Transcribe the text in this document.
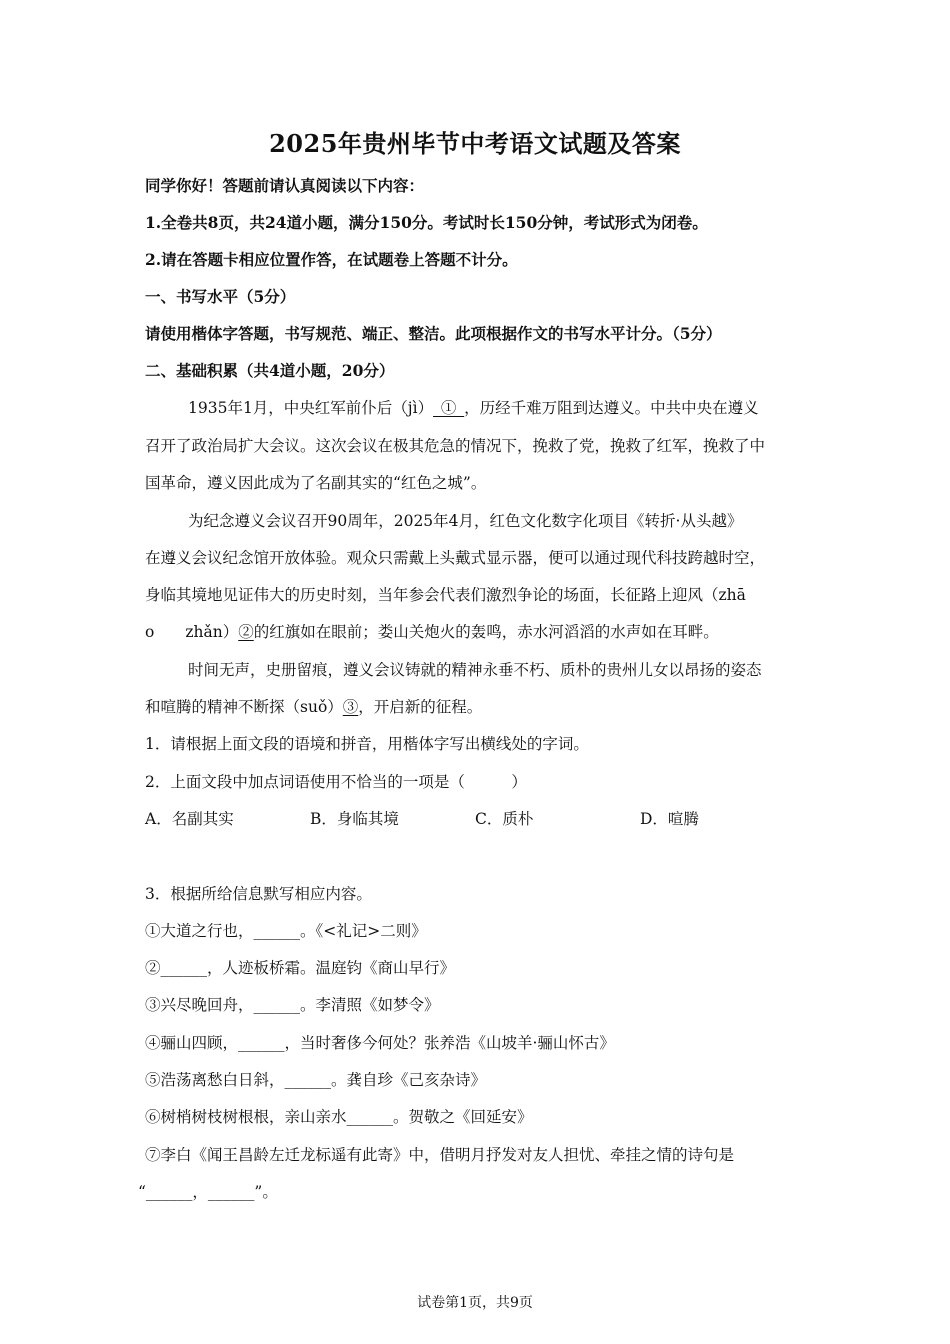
2025年贵州毕节中考语文试题及答案
同学你好！答题前请认真阅读以下内容：
1.全卷共8页，共24道小题，满分150分。考试时长150分钟，考试形式为闭卷。
2.请在答题卡相应位置作答，在试题卷上答题不计分。
一、书写水平（5分）
请使用楷体字答题，书写规范、端正、整洁。此项根据作文的书写水平计分。（5分）
二、基础积累（共4道小题，20分）
1935年1月，中央红军前仆后（jì）_①_，历经千难万阻到达遵义。中共中央在遵义
召开了政治局扩大会议。这次会议在极其危急的情况下，挽救了党，挽救了红军，挽救了中
国革命，遵义因此成为了名副其实的“红色之城”。
为纪念遵义会议召开90周年，2025年4月，红色文化数字化项目《转折·从头越》
在遵义会议纪念馆开放体验。观众只需戴上头戴式显示器，便可以通过现代科技跨越时空，
身临其境地见证伟大的历史时刻，当年参会代表们激烈争论的场面，长征路上迎风（zhā
o　　zhǎn）②的红旗如在眼前；娄山关炮火的轰鸣，赤水河滔滔的水声如在耳畔。
时间无声，史册留痕，遵义会议铸就的精神永垂不朽、质朴的贵州儿女以昂扬的姿态
和喧腾的精神不断探（suǒ）③，开启新的征程。
1．请根据上面文段的语境和拼音，用楷体字写出横线处的字词。
2．上面文段中加点词语使用不恰当的一项是（　　　）
A．名副其实	B．身临其境	C．质朴	D．喧腾
3．根据所给信息默写相应内容。
①大道之行也，______。《<礼记>二则》
②______，人迹板桥霜。温庭钧《商山早行》
③兴尽晚回舟，______。李清照《如梦令》
④骊山四顾，______，当时奢侈今何处？张养浩《山坡羊·骊山怀古》
⑤浩荡离愁白日斜，______。龚自珍《己亥杂诗》
⑥树梢树枝树根根，亲山亲水______。贺敬之《回延安》
⑦李白《闻王昌龄左迁龙标遥有此寄》中，借明月抒发对友人担忧、牵挂之情的诗句是
“______，______”。
试卷第1页，共9页
